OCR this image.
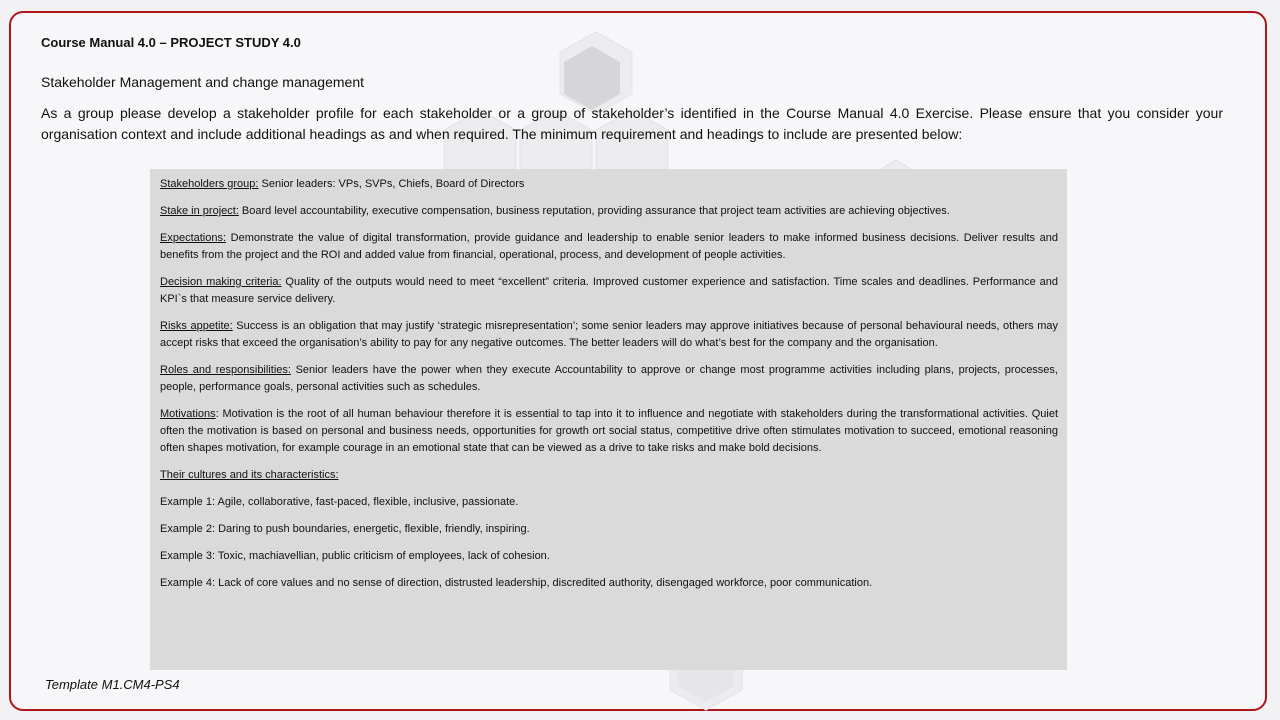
Course Manual 4.0 – PROJECT STUDY 4.0
Stakeholder Management and change management
As a group please develop a stakeholder profile for each stakeholder or a group of stakeholder’s identified in the Course Manual 4.0 Exercise. Please ensure that you consider your organisation context and include additional headings as and when required. The minimum requirement and headings to include are presented below:

Stakeholders group: Senior leaders: VPs, SVPs, Chiefs, Board of Directors

Stake in project: Board level accountability, executive compensation, business reputation, providing assurance that project team activities are achieving objectives.

Expectations: Demonstrate the value of digital transformation, provide guidance and leadership to enable senior leaders to make informed business decisions. Deliver results and benefits from the project and the ROI and added value from financial, operational, process, and development of people activities.

Decision making criteria: Quality of the outputs would need to meet “excellent” criteria. Improved customer experience and satisfaction. Time scales and deadlines. Performance and KPI`s that measure service delivery.

Risks appetite: Success is an obligation that may justify ‘strategic misrepresentation’; some senior leaders may approve initiatives because of personal behavioural needs, others may accept risks that exceed the organisation’s ability to pay for any negative outcomes. The better leaders will do what’s best for the company and the organisation.

Roles and responsibilities: Senior leaders have the power when they execute Accountability to approve or change most programme activities including plans, projects, processes, people, performance goals, personal activities such as schedules.

Motivations: Motivation is the root of all human behaviour therefore it is essential to tap into it to influence and negotiate with stakeholders during the transformational activities. Quiet often the motivation is based on personal and business needs, opportunities for growth ort social status, competitive drive often stimulates motivation to succeed, emotional reasoning often shapes motivation, for example courage in an emotional state that can be viewed as a drive to take risks and make bold decisions.

Their cultures and its characteristics:

Example 1: Agile, collaborative, fast-paced, flexible, inclusive, passionate.

Example 2: Daring to push boundaries, energetic, flexible, friendly, inspiring.

Example 3: Toxic, machiavellian, public criticism of employees, lack of cohesion.

Example 4: Lack of core values and no sense of direction, distrusted leadership, discredited authority, disengaged workforce, poor communication.

Template M1.CM4-PS4
